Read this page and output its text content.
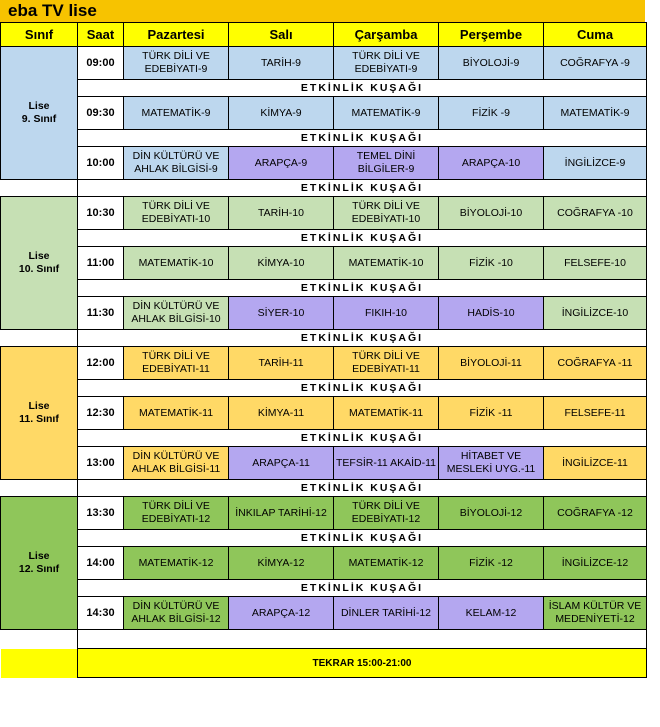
eba TV lise
Sınıf	Saat	Pazartesi	Salı	Çarşamba	Perşembe	Cuma

Lise
9. Sınıf	09:00	TÜRK DİLİ VE EDEBİYATI-9	TARİH-9	TÜRK DİLİ VE EDEBİYATI-9	BİYOLOJİ-9	COĞRAFYA -9
	ETKİNLİK KUŞAĞI					
	09:30	MATEMATİK-9	KİMYA-9	MATEMATİK-9	FİZİK -9	MATEMATİK-9
	ETKİNLİK KUŞAĞI					
	10:00	DİN KÜLTÜRÜ VE AHLAK BİLGİSİ-9	ARAPÇA-9	TEMEL DİNİ BİLGİLER-9	ARAPÇA-10	İNGİLİZCE-9
	ETKİNLİK KUŞAĞI					

Lise
10. Sınıf	10:30	TÜRK DİLİ VE EDEBİYATI-10	TARİH-10	TÜRK DİLİ VE EDEBİYATI-10	BİYOLOJİ-10	COĞRAFYA -10
	ETKİNLİK KUŞAĞI					
	11:00	MATEMATİK-10	KİMYA-10	MATEMATİK-10	FİZİK -10	FELSEFE-10
	ETKİNLİK KUŞAĞI					
	11:30	DİN KÜLTÜRÜ VE AHLAK BİLGİSİ-10	SİYER-10	FIKIH-10	HADİS-10	İNGİLİZCE-10
	ETKİNLİK KUŞAĞI					

Lise
11. Sınıf	12:00	TÜRK DİLİ VE EDEBİYATI-11	TARİH-11	TÜRK DİLİ VE EDEBİYATI-11	BİYOLOJİ-11	COĞRAFYA -11
	ETKİNLİK KUŞAĞI					
	12:30	MATEMATİK-11	KİMYA-11	MATEMATİK-11	FİZİK -11	FELSEFE-11
	ETKİNLİK KUŞAĞI					
	13:00	DİN KÜLTÜRÜ VE AHLAK BİLGİSİ-11	ARAPÇA-11	TEFSİR-11 AKAİD-11	HİTABET VE MESLEKİ UYG.-11	İNGİLİZCE-11
	ETKİNLİK KUŞAĞI					

Lise
12. Sınıf	13:30	TÜRK DİLİ VE EDEBİYATI-12	İNKILAP TARİHİ-12	TÜRK DİLİ VE EDEBİYATI-12	BİYOLOJİ-12	COĞRAFYA -12
	ETKİNLİK KUŞAĞI					
	14:00	MATEMATİK-12	KİMYA-12	MATEMATİK-12	FİZİK -12	İNGİLİZCE-12
	ETKİNLİK KUŞAĞI					
	14:30	DİN KÜLTÜRÜ VE AHLAK BİLGİSİ-12	ARAPÇA-12	DİNLER TARİHİ-12	KELAM-12	İSLAM KÜLTÜR VE MEDENİYETİ-12

	TEKRAR 15:00-21:00					
